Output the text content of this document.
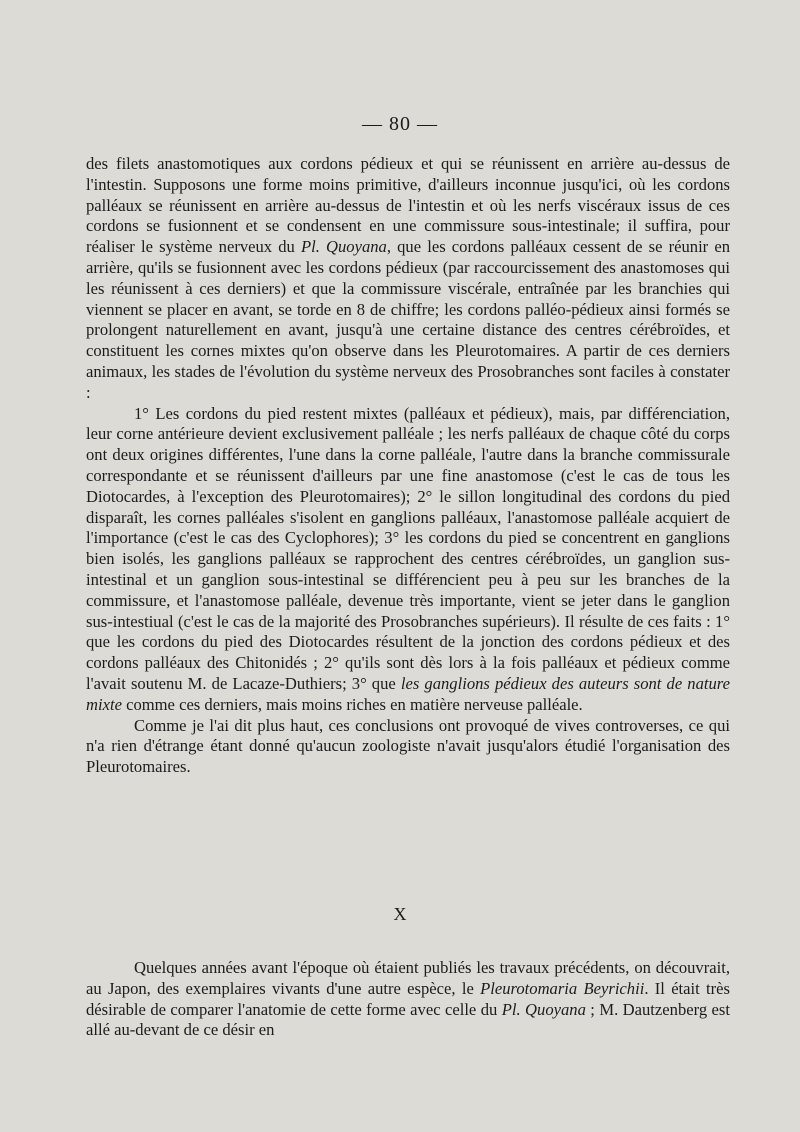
— 80 —

des filets anastomotiques aux cordons pédieux et qui se réunissent en arrière au-dessus de l'intestin. Supposons une forme moins primitive, d'ailleurs inconnue jusqu'ici, où les cordons palléaux se réunissent en arrière au-dessus de l'intestin et où les nerfs viscéraux issus de ces cordons se fusionnent et se condensent en une commissure sous-intestinale; il suffira, pour réaliser le système nerveux du Pl. Quoyana, que les cordons palléaux cessent de se réunir en arrière, qu'ils se fusionnent avec les cordons pédieux (par raccourcissement des anastomoses qui les réunissent à ces derniers) et que la commissure viscérale, entraînée par les branchies qui viennent se placer en avant, se torde en 8 de chiffre; les cordons palléo-pédieux ainsi formés se prolongent naturellement en avant, jusqu'à une certaine distance des centres cérébroïdes, et constituent les cornes mixtes qu'on observe dans les Pleurotomaires. A partir de ces derniers animaux, les stades de l'évolution du système nerveux des Prosobranches sont faciles à constater :

1° Les cordons du pied restent mixtes (palléaux et pédieux), mais, par différenciation, leur corne antérieure devient exclusivement palléale ; les nerfs palléaux de chaque côté du corps ont deux origines différentes, l'une dans la corne palléale, l'autre dans la branche commissurale correspondante et se réunissent d'ailleurs par une fine anastomose (c'est le cas de tous les Diotocardes, à l'exception des Pleurotomaires); 2° le sillon longitudinal des cordons du pied disparaît, les cornes palléales s'isolent en ganglions palléaux, l'anastomose palléale acquiert de l'importance (c'est le cas des Cyclophores); 3° les cordons du pied se concentrent en ganglions bien isolés, les ganglions palléaux se rapprochent des centres cérébroïdes, un ganglion sus-intestinal et un ganglion sous-intestinal se différencient peu à peu sur les branches de la commissure, et l'anastomose palléale, devenue très importante, vient se jeter dans le ganglion sus-intestiual (c'est le cas de la majorité des Prosobranches supérieurs). Il résulte de ces faits : 1° que les cordons du pied des Diotocardes résultent de la jonction des cordons pédieux et des cordons palléaux des Chitonidés ; 2° qu'ils sont dès lors à la fois palléaux et pédieux comme l'avait soutenu M. de Lacaze-Duthiers; 3° que les ganglions pédieux des auteurs sont de nature mixte comme ces derniers, mais moins riches en matière nerveuse palléale.

Comme je l'ai dit plus haut, ces conclusions ont provoqué de vives controverses, ce qui n'a rien d'étrange étant donné qu'aucun zoologiste n'avait jusqu'alors étudié l'organisation des Pleurotomaires.

X

Quelques années avant l'époque où étaient publiés les travaux précédents, on découvrait, au Japon, des exemplaires vivants d'une autre espèce, le Pleurotomaria Beyrichii. Il était très désirable de comparer l'anatomie de cette forme avec celle du Pl. Quoyana ; M. Dautzenberg est allé au-devant de ce désir en
